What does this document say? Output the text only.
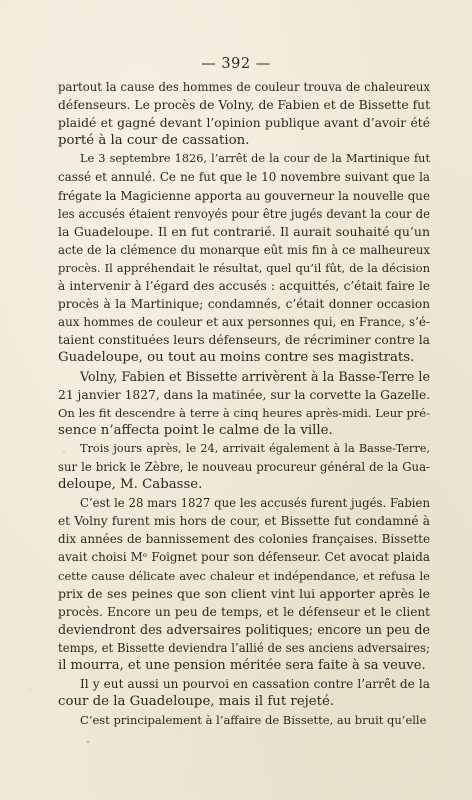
— 392 —
partout la cause des hommes de couleur trouva de chaleureux
défenseurs. Le procès de Volny, de Fabien et de Bissette fut
plaidé et gagné devant l’opinion publique avant d’avoir été
porté à la cour de cassation.
Le 3 septembre 1826, l’arrêt de la cour de la Martinique fut
cassé et annulé. Ce ne fut que le 10 novembre suivant que la
frégate la Magicienne apporta au gouverneur la nouvelle que
les accusés étaient renvoyés pour être jugés devant la cour de
la Guadeloupe. Il en fut contrarié. Il aurait souhaité qu’un
acte de la clémence du monarque eût mis fin à ce malheureux
procès. Il appréhendait le résultat, quel qu’il fût, de la décision
à intervenir à l’égard des accusés : acquittés, c’était faire le
procès à la Martinique; condamnés, c’était donner occasion
aux hommes de couleur et aux personnes qui, en France, s’é-
taient constituées leurs défenseurs, de récriminer contre la
Guadeloupe, ou tout au moins contre ses magistrats.
Volny, Fabien et Bissette arrivèrent à la Basse-Terre le
21 janvier 1827, dans la matinée, sur la corvette la Gazelle.
On les fit descendre à terre à cinq heures après-midi. Leur pré-
sence n’affecta point le calme de la ville.
Trois jours après, le 24, arrivait également à la Basse-Terre,
sur le brick le Zèbre, le nouveau procureur général de la Gua-
deloupe, M. Cabasse.
C’est le 28 mars 1827 que les accusés furent jugés. Fabien
et Volny furent mis hors de cour, et Bissette fut condamné à
dix années de bannissement des colonies françaises. Bissette
avait choisi Mᵉ Foignet pour son défenseur. Cet avocat plaida
cette cause délicate avec chaleur et indépendance, et refusa le
prix de ses peines que son client vint lui apporter après le
procès. Encore un peu de temps, et le défenseur et le client
deviendront des adversaires politiques; encore un peu de
temps, et Bissette deviendra l’allié de ses anciens adversaires;
il mourra, et une pension méritée sera faite à sa veuve.
Il y eut aussi un pourvoi en cassation contre l’arrêt de la
cour de la Guadeloupe, mais il fut rejeté.
C’est principalement à l’affaire de Bissette, au bruit qu’elle
